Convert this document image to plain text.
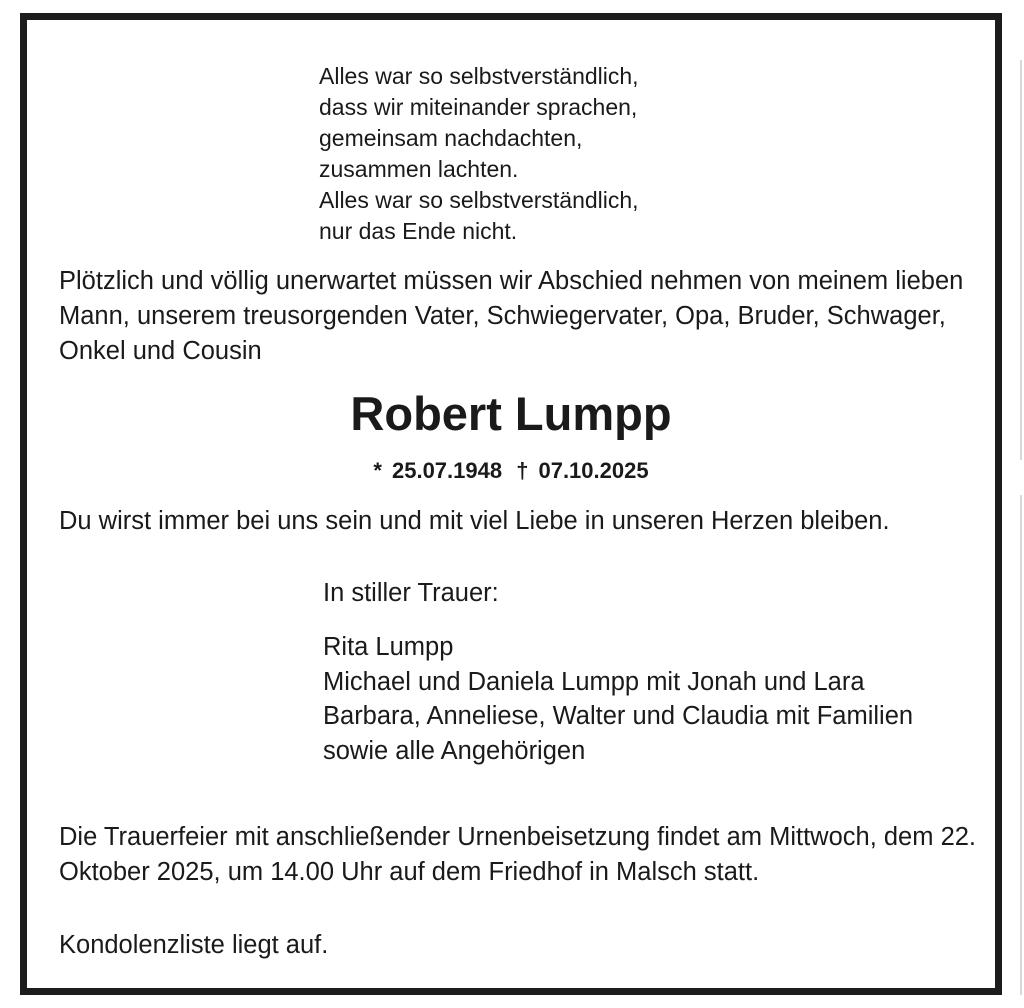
Alles war so selbstverständlich,
dass wir miteinander sprachen,
gemeinsam nachdachten,
zusammen lachten.
Alles war so selbstverständlich,
nur das Ende nicht.

Plötzlich und völlig unerwartet müssen wir Abschied nehmen von meinem lieben Mann, unserem treusorgenden Vater, Schwiegervater, Opa, Bruder, Schwager, Onkel und Cousin

Robert Lumpp
* 25.07.1948 † 07.10.2025

Du wirst immer bei uns sein und mit viel Liebe in unseren Herzen bleiben.

In stiller Trauer:
Rita Lumpp
Michael und Daniela Lumpp mit Jonah und Lara
Barbara, Anneliese, Walter und Claudia mit Familien
sowie alle Angehörigen

Die Trauerfeier mit anschließender Urnenbeisetzung findet am Mittwoch, dem 22. Oktober 2025, um 14.00 Uhr auf dem Friedhof in Malsch statt.

Kondolenzliste liegt auf.
